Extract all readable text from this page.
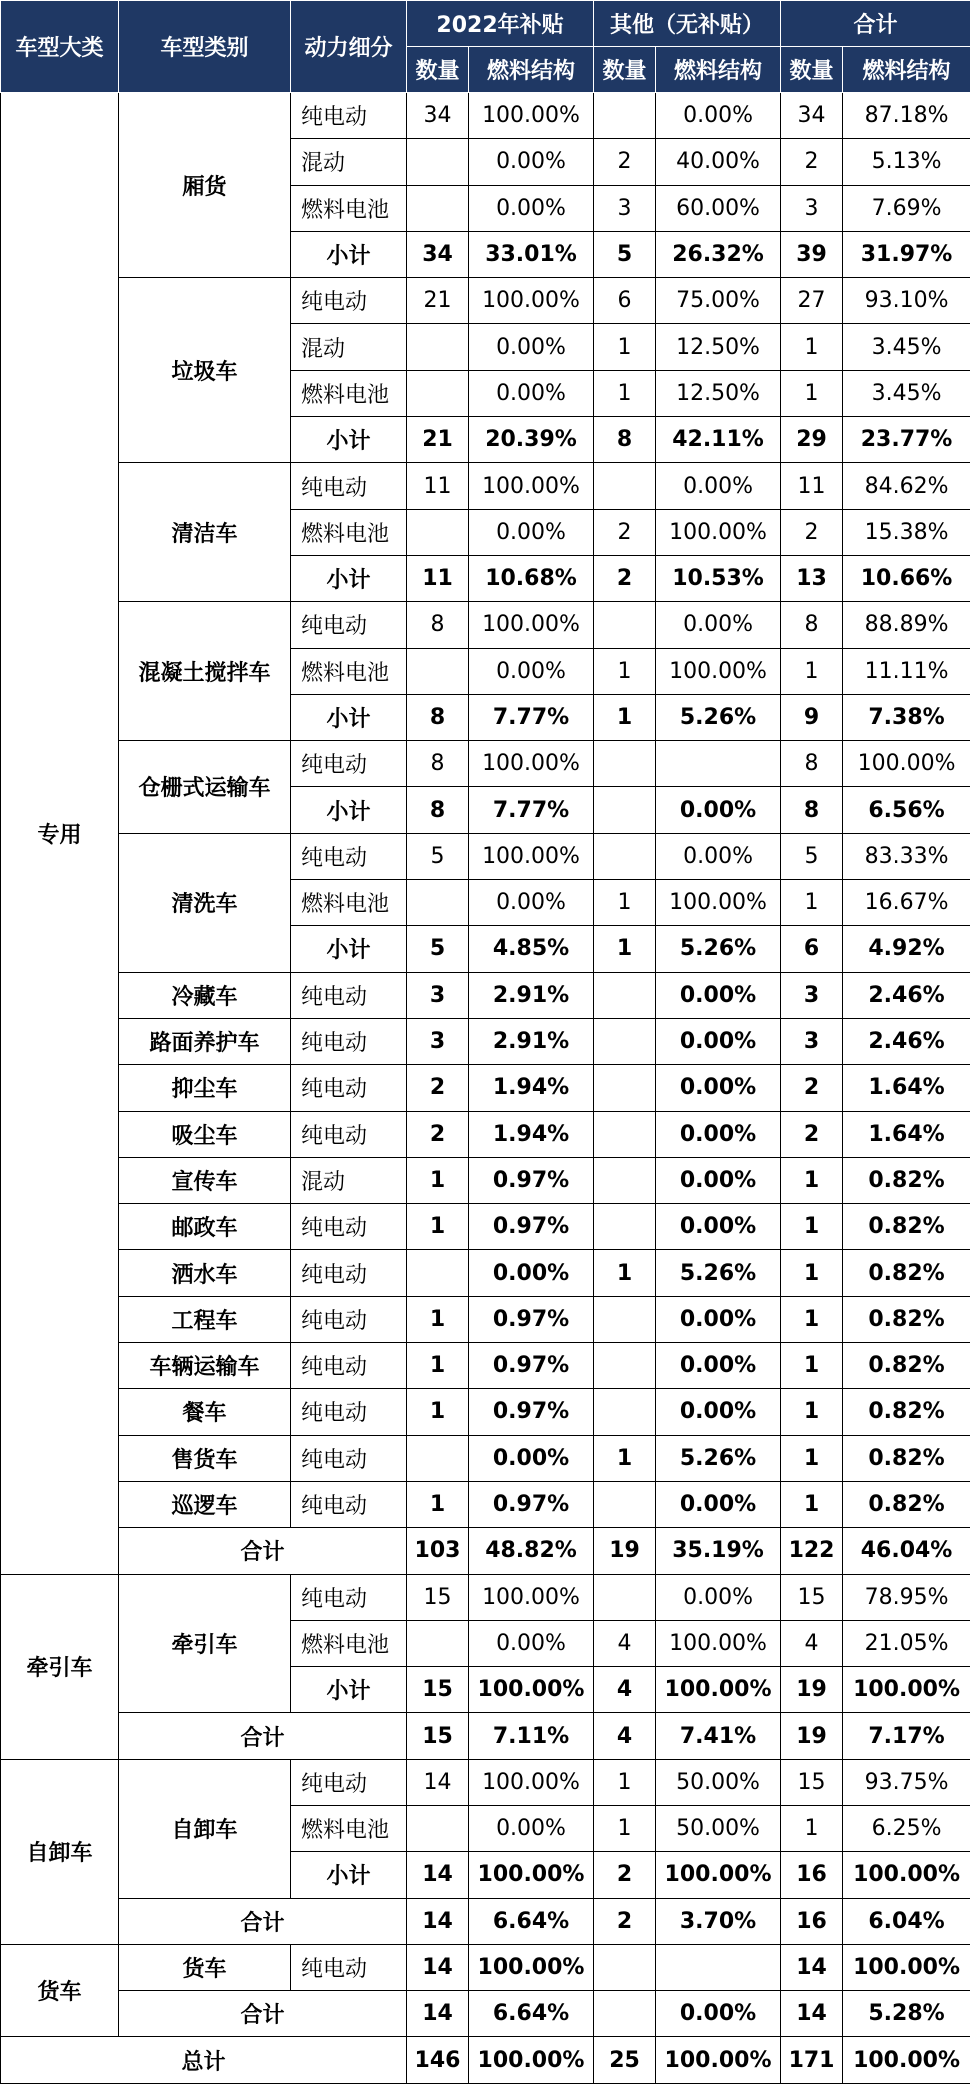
车型大类	车型类别	动力细分	2022年补贴		其他（无补贴）		合计	
			数量	燃料结构	数量	燃料结构	数量	燃料结构
专用	厢货	纯电动	34	100.00%		0.00%	34	87.18%
		混动		0.00%	2	40.00%	2	5.13%
		燃料电池		0.00%	3	60.00%	3	7.69%
		小计	34	33.01%	5	26.32%	39	31.97%
	垃圾车	纯电动	21	100.00%	6	75.00%	27	93.10%
		混动		0.00%	1	12.50%	1	3.45%
		燃料电池		0.00%	1	12.50%	1	3.45%
		小计	21	20.39%	8	42.11%	29	23.77%
	清洁车	纯电动	11	100.00%		0.00%	11	84.62%
		燃料电池		0.00%	2	100.00%	2	15.38%
		小计	11	10.68%	2	10.53%	13	10.66%
	混凝土搅拌车	纯电动	8	100.00%		0.00%	8	88.89%
		燃料电池		0.00%	1	100.00%	1	11.11%
		小计	8	7.77%	1	5.26%	9	7.38%
	仓栅式运输车	纯电动	8	100.00%			8	100.00%
		小计	8	7.77%		0.00%	8	6.56%
	清洗车	纯电动	5	100.00%		0.00%	5	83.33%
		燃料电池		0.00%	1	100.00%	1	16.67%
		小计	5	4.85%	1	5.26%	6	4.92%
	冷藏车	纯电动	3	2.91%		0.00%	3	2.46%
	路面养护车	纯电动	3	2.91%		0.00%	3	2.46%
	抑尘车	纯电动	2	1.94%		0.00%	2	1.64%
	吸尘车	纯电动	2	1.94%		0.00%	2	1.64%
	宣传车	混动	1	0.97%		0.00%	1	0.82%
	邮政车	纯电动	1	0.97%		0.00%	1	0.82%
	洒水车	纯电动		0.00%	1	5.26%	1	0.82%
	工程车	纯电动	1	0.97%		0.00%	1	0.82%
	车辆运输车	纯电动	1	0.97%		0.00%	1	0.82%
	餐车	纯电动	1	0.97%		0.00%	1	0.82%
	售货车	纯电动		0.00%	1	5.26%	1	0.82%
	巡逻车	纯电动	1	0.97%		0.00%	1	0.82%
	合计		103	48.82%	19	35.19%	122	46.04%
牵引车	牵引车	纯电动	15	100.00%		0.00%	15	78.95%
		燃料电池		0.00%	4	100.00%	4	21.05%
		小计	15	100.00%	4	100.00%	19	100.00%
	合计		15	7.11%	4	7.41%	19	7.17%
自卸车	自卸车	纯电动	14	100.00%	1	50.00%	15	93.75%
		燃料电池		0.00%	1	50.00%	1	6.25%
		小计	14	100.00%	2	100.00%	16	100.00%
	合计		14	6.64%	2	3.70%	16	6.04%
货车	货车	纯电动	14	100.00%			14	100.00%
	合计		14	6.64%		0.00%	14	5.28%
总计			146	100.00%	25	100.00%	171	100.00%
